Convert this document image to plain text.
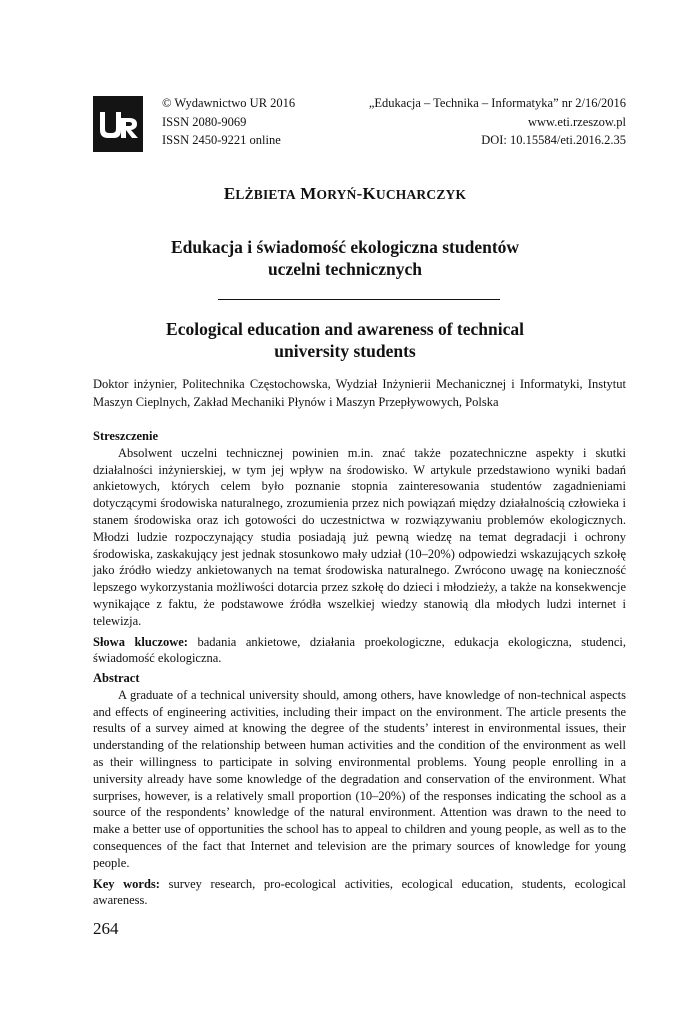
© Wydawnictwo UR 2016
ISSN 2080-9069
ISSN 2450-9221 online
„Edukacja – Technika – Informatyka” nr 2/16/2016
www.eti.rzeszow.pl
DOI: 10.15584/eti.2016.2.35
ELŻBIETA MORYŃ-KUCHARCZYK
Edukacja i świadomość ekologiczna studentów
uczelni technicznych
Ecological education and awareness of technical
university students
Doktor inżynier, Politechnika Częstochowska, Wydział Inżynierii Mechanicznej i Informatyki, Instytut Maszyn Cieplnych, Zakład Mechaniki Płynów i Maszyn Przepływowych, Polska
Streszczenie
Absolwent uczelni technicznej powinien m.in. znać także pozatechniczne aspekty i skutki działalności inżynierskiej, w tym jej wpływ na środowisko. W artykule przedstawiono wyniki badań ankietowych, których celem było poznanie stopnia zainteresowania studentów zagadnieniami dotyczącymi środowiska naturalnego, zrozumienia przez nich powiązań między działalnością człowieka i stanem środowiska oraz ich gotowości do uczestnictwa w rozwiązywaniu problemów ekologicznych. Młodzi ludzie rozpoczynający studia posiadają już pewną wiedzę na temat degradacji i ochrony środowiska, zaskakujący jest jednak stosunkowo mały udział (10–20%) odpowiedzi wskazujących szkołę jako źródło wiedzy ankietowanych na temat środowiska naturalnego. Zwrócono uwagę na konieczność lepszego wykorzystania możliwości dotarcia przez szkołę do dzieci i młodzieży, a także na konsekwencje wynikające z faktu, że podstawowe źródła wszelkiej wiedzy stanowią dla młodych ludzi internet i telewizja.
Słowa kluczowe: badania ankietowe, działania proekologiczne, edukacja ekologiczna, studenci, świadomość ekologiczna.
Abstract
A graduate of a technical university should, among others, have knowledge of non-technical aspects and effects of engineering activities, including their impact on the environment. The article presents the results of a survey aimed at knowing the degree of the students’ interest in environmental issues, their understanding of the relationship between human activities and the condition of the environment as well as their willingness to participate in solving environmental problems. Young people enrolling in a university already have some knowledge of the degradation and conservation of the environment. What surprises, however, is a relatively small proportion (10–20%) of the responses indicating the school as a source of the respondents’ knowledge of the natural environment. Attention was drawn to the need to make a better use of opportunities the school has to appeal to children and young people, as well as to the consequences of the fact that Internet and television are the primary sources of knowledge for young people.
Key words: survey research, pro-ecological activities, ecological education, students, ecological awareness.
264
